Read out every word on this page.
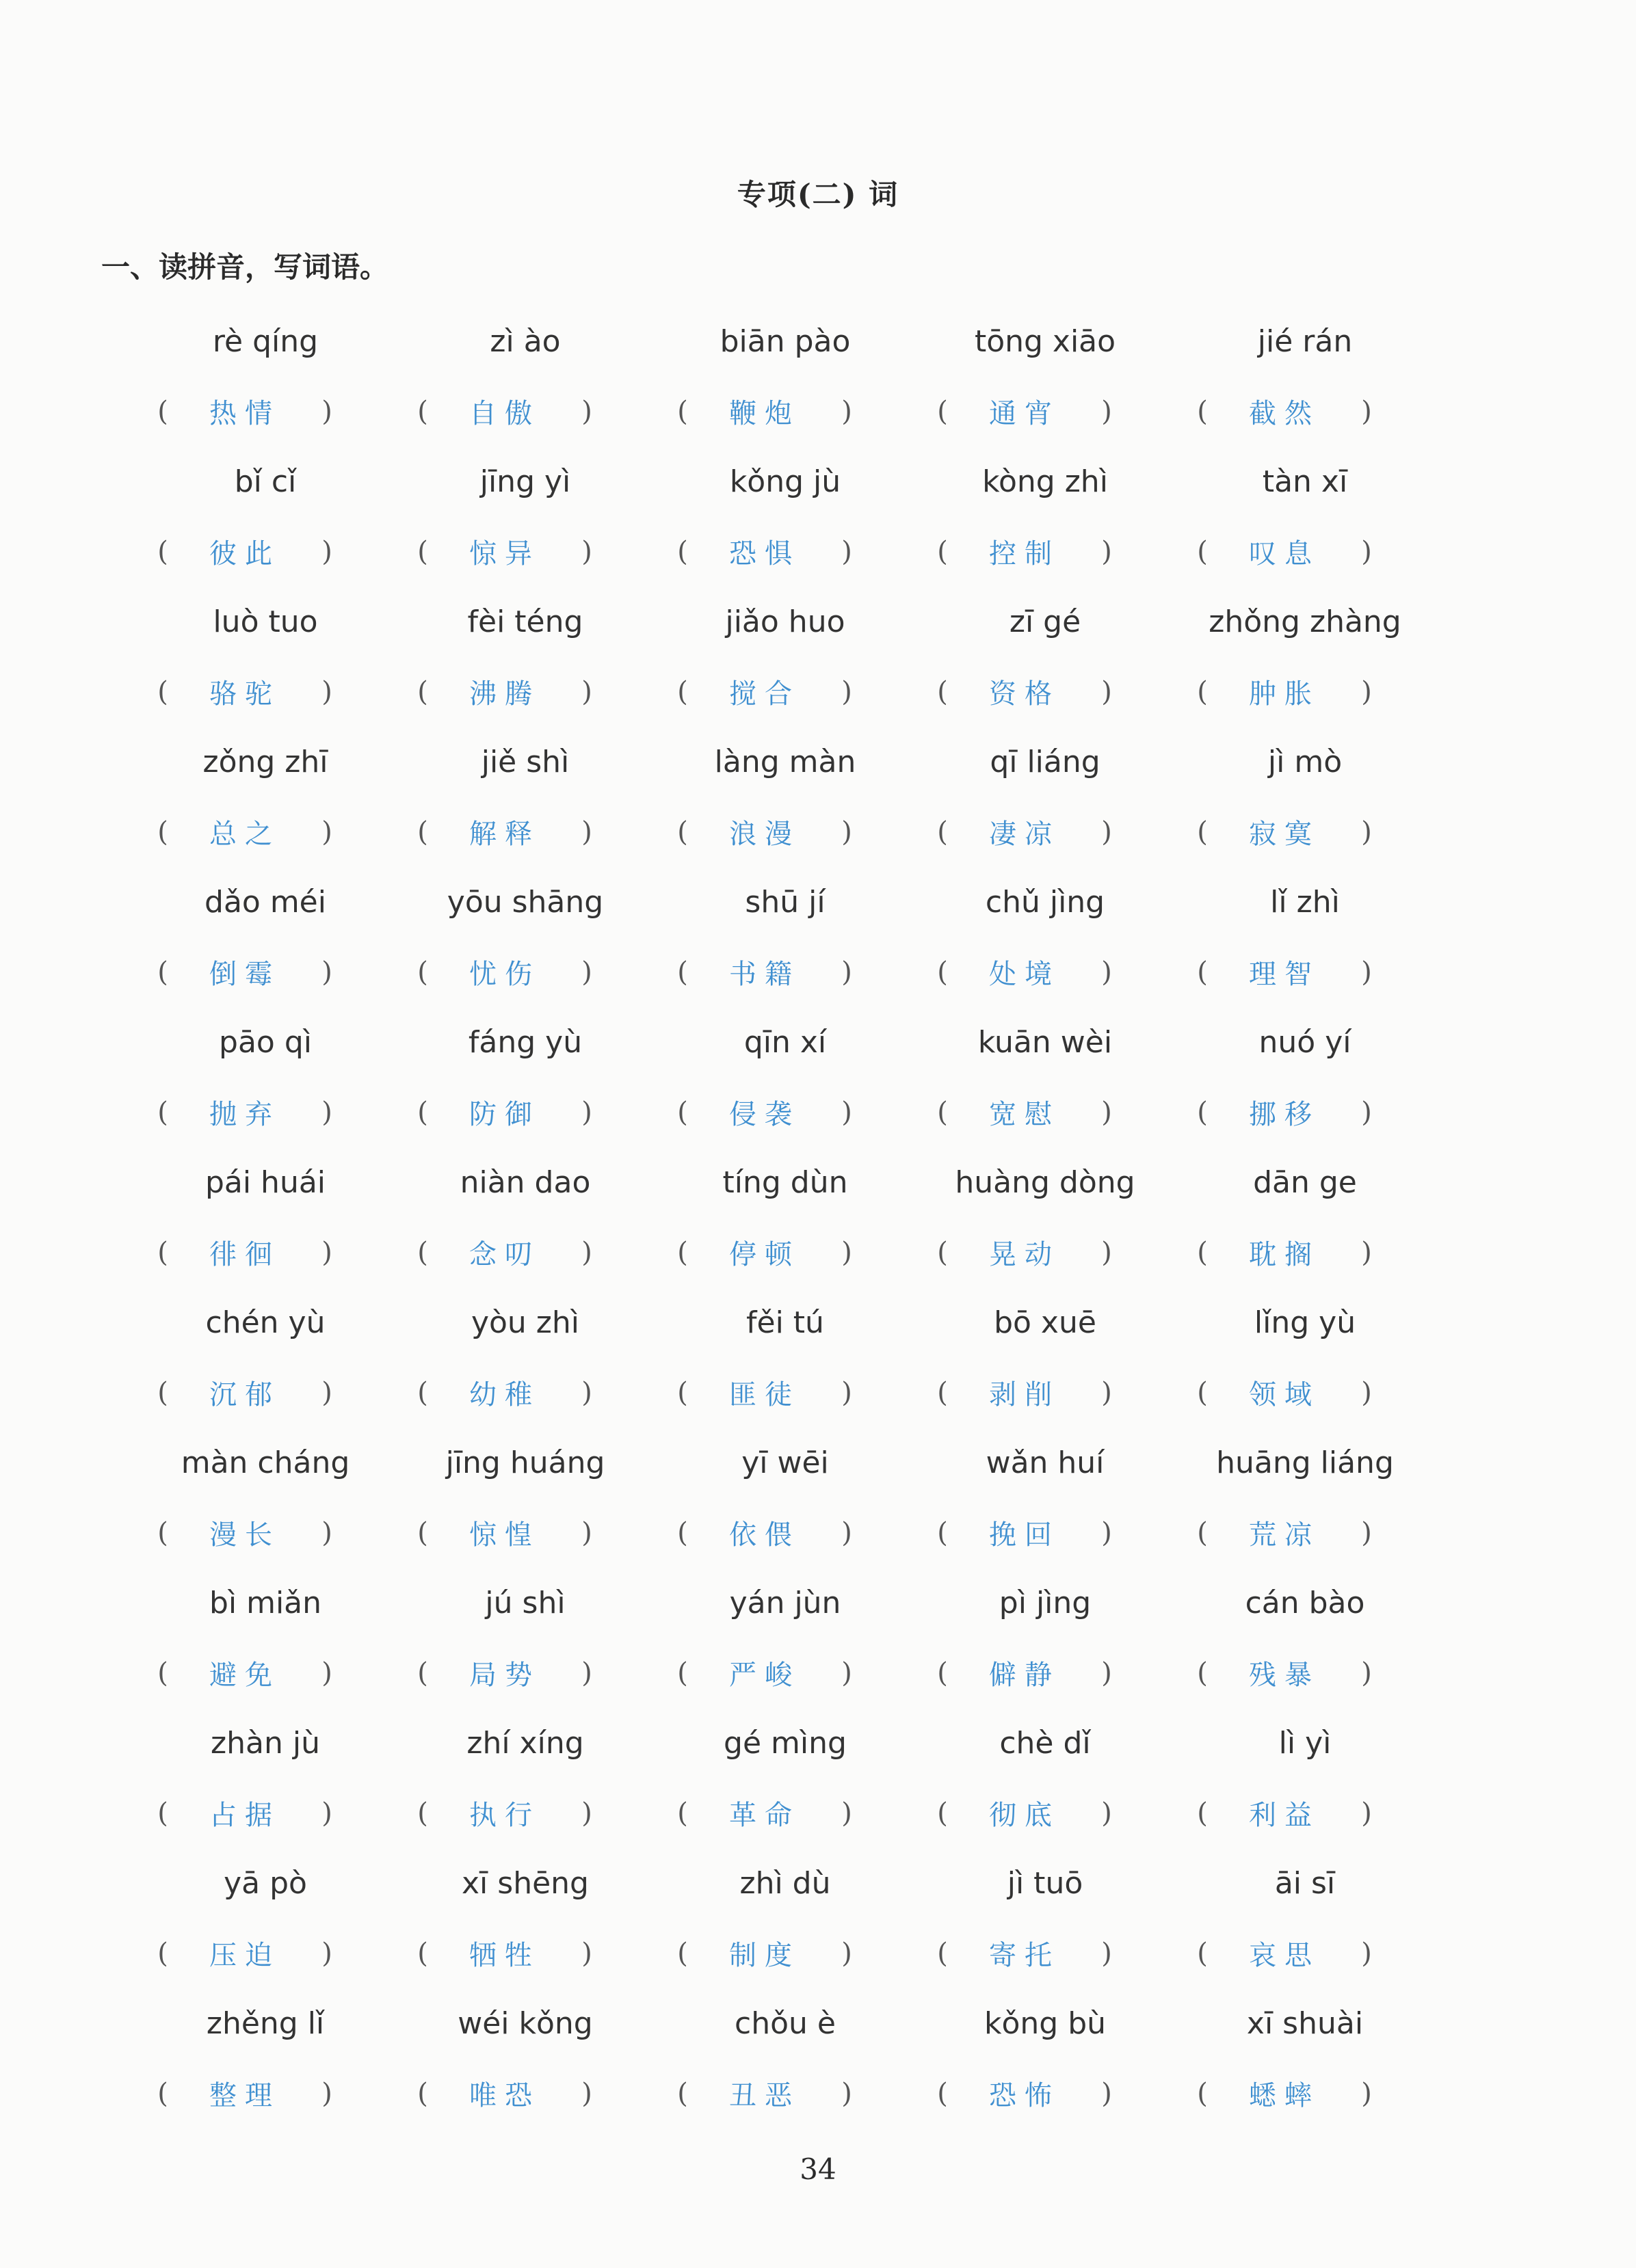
专项(二) 词
一、读拼音，写词语。
rè qíng	zì ào	biān pào	tōng xiāo	jié rán
(	热情	)	(	自傲	)	(	鞭炮	)	(	通宵	)	(	截然	)
bǐ cǐ	jīng yì	kǒng jù	kòng zhì	tàn xī
(	彼此	)	(	惊异	)	(	恐惧	)	(	控制	)	(	叹息	)
luò tuo	fèi téng	jiǎo huo	zī gé	zhǒng zhàng
(	骆驼	)	(	沸腾	)	(	搅合	)	(	资格	)	(	肿胀	)
zǒng zhī	jiě shì	làng màn	qī liáng	jì mò
(	总之	)	(	解释	)	(	浪漫	)	(	凄凉	)	(	寂寞	)
dǎo méi	yōu shāng	shū jí	chǔ jìng	lǐ zhì
(	倒霉	)	(	忧伤	)	(	书籍	)	(	处境	)	(	理智	)
pāo qì	fáng yù	qīn xí	kuān wèi	nuó yí
(	抛弃	)	(	防御	)	(	侵袭	)	(	宽慰	)	(	挪移	)
pái huái	niàn dao	tíng dùn	huàng dòng	dān ge
(	徘徊	)	(	念叨	)	(	停顿	)	(	晃动	)	(	耽搁	)
chén yù	yòu zhì	fěi tú	bō xuē	lǐng yù
(	沉郁	)	(	幼稚	)	(	匪徒	)	(	剥削	)	(	领域	)
màn cháng	jīng huáng	yī wēi	wǎn huí	huāng liáng
(	漫长	)	(	惊惶	)	(	依偎	)	(	挽回	)	(	荒凉	)
bì miǎn	jú shì	yán jùn	pì jìng	cán bào
(	避免	)	(	局势	)	(	严峻	)	(	僻静	)	(	残暴	)
zhàn jù	zhí xíng	gé mìng	chè dǐ	lì yì
(	占据	)	(	执行	)	(	革命	)	(	彻底	)	(	利益	)
yā pò	xī shēng	zhì dù	jì tuō	āi sī
(	压迫	)	(	牺牲	)	(	制度	)	(	寄托	)	(	哀思	)
zhěng lǐ	wéi kǒng	chǒu è	kǒng bù	xī shuài
(	整理	)	(	唯恐	)	(	丑恶	)	(	恐怖	)	(	蟋蟀	)
34
